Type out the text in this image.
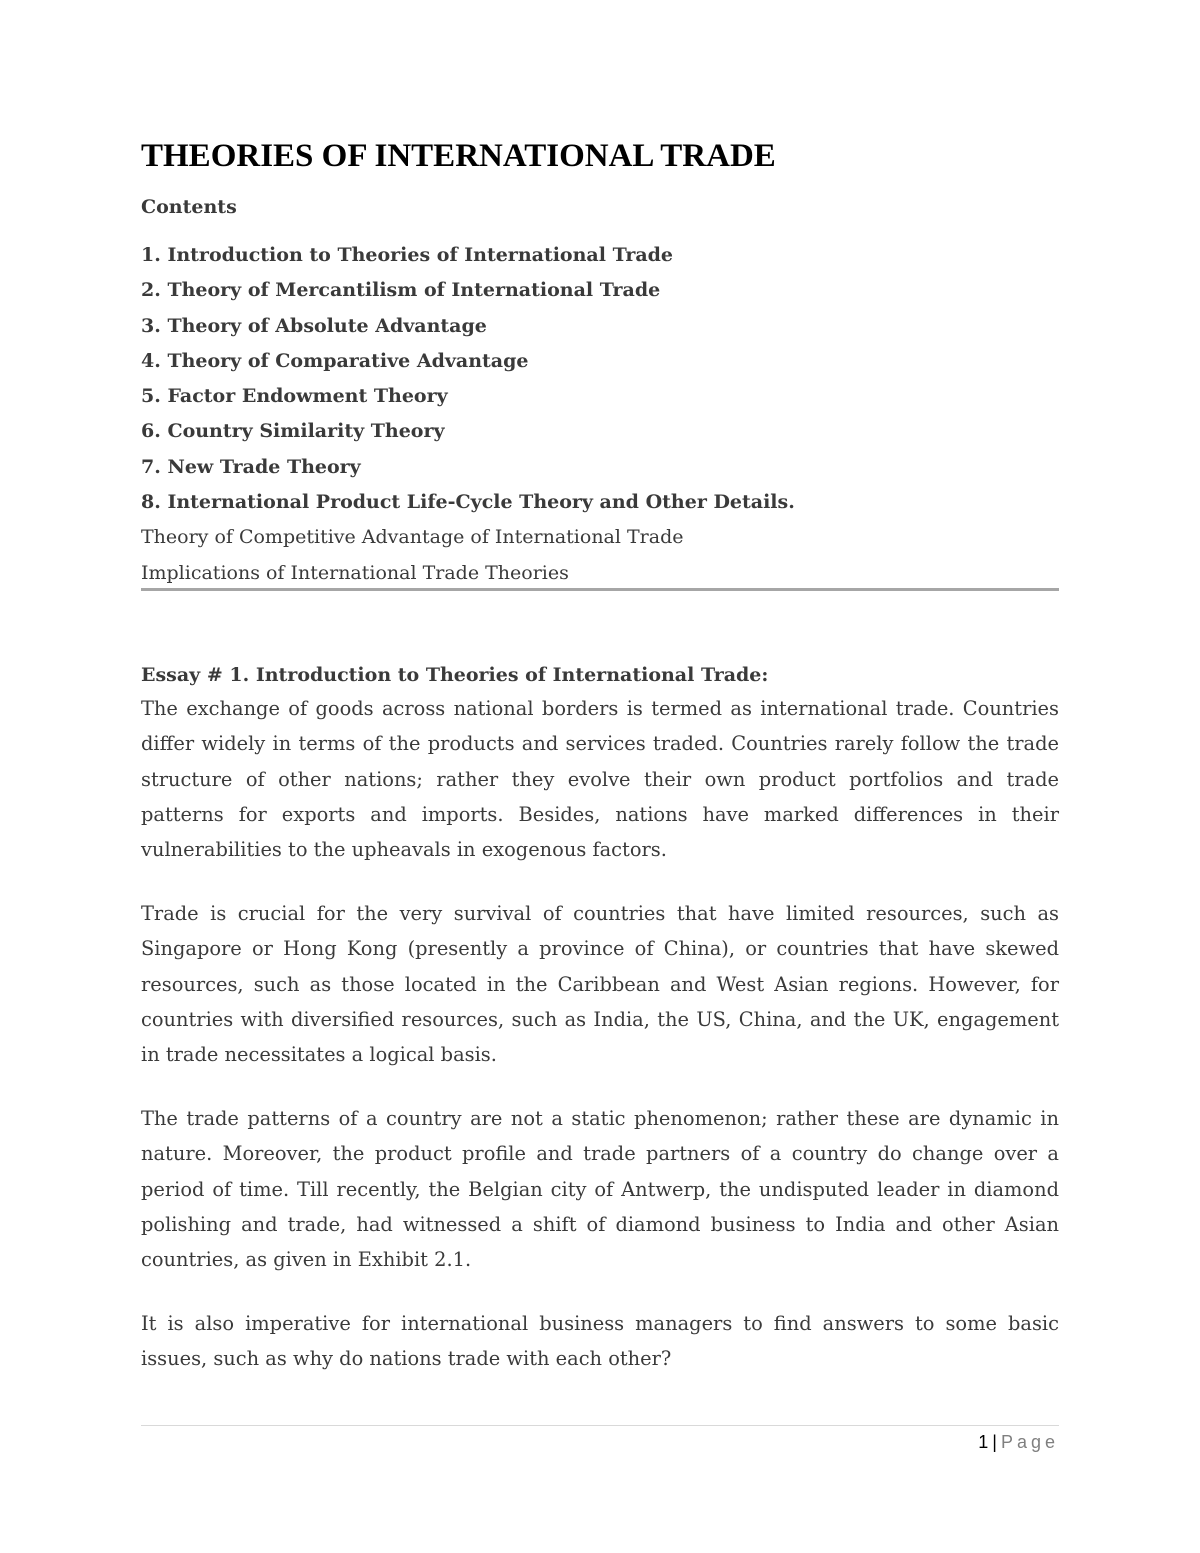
THEORIES OF INTERNATIONAL TRADE
Contents
1. Introduction to Theories of International Trade
2. Theory of Mercantilism of International Trade
3. Theory of Absolute Advantage
4. Theory of Comparative Advantage
5. Factor Endowment Theory
6. Country Similarity Theory
7. New Trade Theory
8. International Product Life-Cycle Theory and Other Details.
Theory of Competitive Advantage of International Trade
Implications of International Trade Theories
Essay # 1. Introduction to Theories of International Trade:

The exchange of goods across national borders is termed as international trade. Countries differ widely in terms of the products and services traded. Countries rarely follow the trade structure of other nations; rather they evolve their own product portfolios and trade patterns for exports and imports. Besides, nations have marked differences in their vulnerabilities to the upheavals in exogenous factors.

Trade is crucial for the very survival of countries that have limited resources, such as Singapore or Hong Kong (presently a province of China), or countries that have skewed resources, such as those located in the Caribbean and West Asian regions. However, for countries with diversified resources, such as India, the US, China, and the UK, engagement in trade necessitates a logical basis.

The trade patterns of a country are not a static phenomenon; rather these are dynamic in nature. Moreover, the product profile and trade partners of a country do change over a period of time. Till recently, the Belgian city of Antwerp, the undisputed leader in diamond polishing and trade, had witnessed a shift of diamond business to India and other Asian countries, as given in Exhibit 2.1.

It is also imperative for international business managers to find answers to some basic issues, such as why do nations trade with each other?

1 | Page
